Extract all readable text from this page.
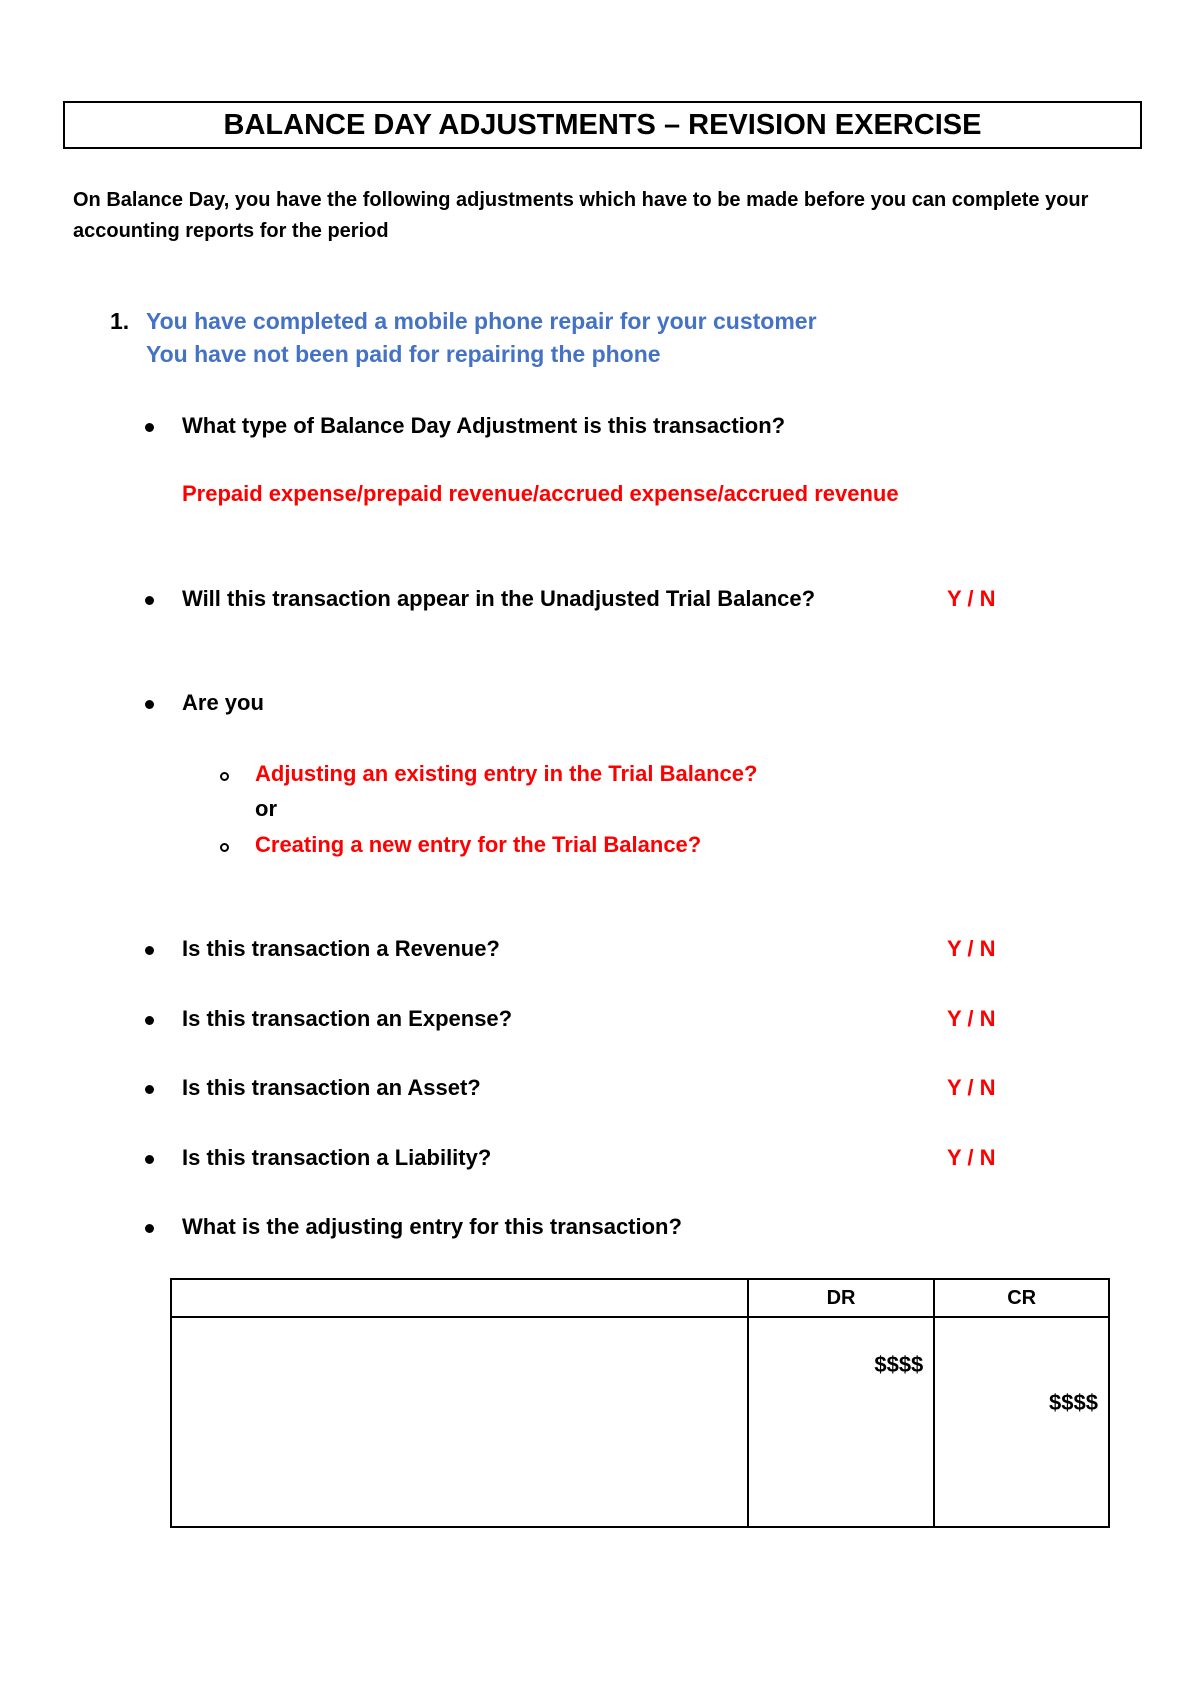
BALANCE DAY ADJUSTMENTS – REVISION EXERCISE
On Balance Day, you have the following adjustments which have to be made before you can complete your accounting reports for the period
1. You have completed a mobile phone repair for your customer
You have not been paid for repairing the phone
What type of Balance Day Adjustment is this transaction?
Prepaid expense/prepaid revenue/accrued expense/accrued revenue
Will this transaction appear in the Unadjusted Trial Balance?	Y / N
Are you
Adjusting an existing entry in the Trial Balance?
or
Creating a new entry for the Trial Balance?
Is this transaction a Revenue?	Y / N
Is this transaction an Expense?	Y / N
Is this transaction an Asset?	Y / N
Is this transaction a Liability?	Y / N
What is the adjusting entry for this transaction?
	DR	CR

	$$$$	$$$$
